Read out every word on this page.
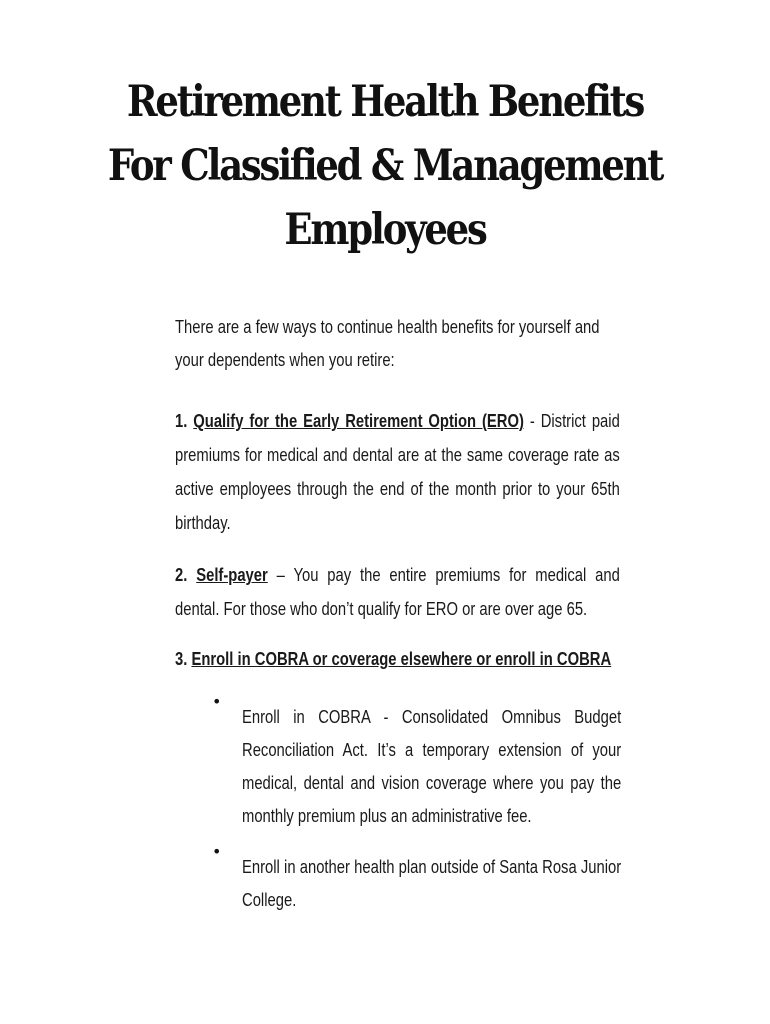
Retirement Health Benefits
For Classified & Management
Employees

There are a few ways to continue health benefits for yourself and your dependents when you retire:

1. Qualify for the Early Retirement Option (ERO) - District paid premiums for medical and dental are at the same coverage rate as active employees through the end of the month prior to your 65th birthday.

2. Self-payer – You pay the entire premiums for medical and dental. For those who don’t qualify for ERO or are over age 65.

3. Enroll in COBRA or coverage elsewhere or enroll in COBRA

•

Enroll in COBRA - Consolidated Omnibus Budget Reconciliation Act. It’s a temporary extension of your medical, dental and vision coverage where you pay the monthly premium plus an administrative fee.

•

Enroll in another health plan outside of Santa Rosa Junior College.
